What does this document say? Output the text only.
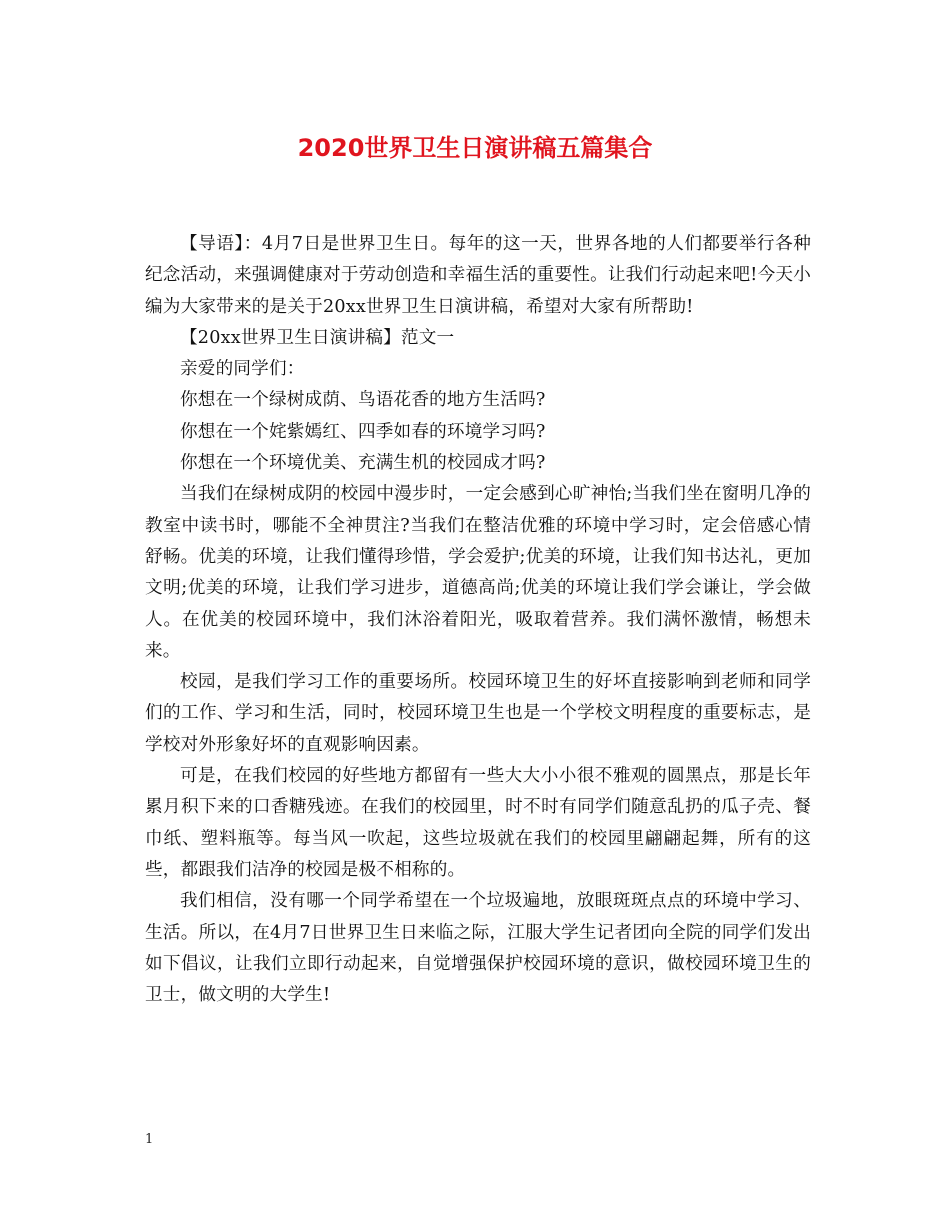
2020世界卫生日演讲稿五篇集合

【导语】：4月7日是世界卫生日。每年的这一天，世界各地的人们都要举行各种纪念活动，来强调健康对于劳动创造和幸福生活的重要性。让我们行动起来吧!今天小编为大家带来的是关于20xx世界卫生日演讲稿，希望对大家有所帮助!

【20xx世界卫生日演讲稿】范文一

亲爱的同学们：

你想在一个绿树成荫、鸟语花香的地方生活吗?

你想在一个姹紫嫣红、四季如春的环境学习吗?

你想在一个环境优美、充满生机的校园成才吗?

当我们在绿树成阴的校园中漫步时，一定会感到心旷神怡;当我们坐在窗明几净的教室中读书时，哪能不全神贯注?当我们在整洁优雅的环境中学习时，定会倍感心情舒畅。优美的环境，让我们懂得珍惜，学会爱护;优美的环境，让我们知书达礼，更加文明;优美的环境，让我们学习进步，道德高尚;优美的环境让我们学会谦让，学会做人。在优美的校园环境中，我们沐浴着阳光，吸取着营养。我们满怀激情，畅想未来。

校园，是我们学习工作的重要场所。校园环境卫生的好坏直接影响到老师和同学们的工作、学习和生活，同时，校园环境卫生也是一个学校文明程度的重要标志，是学校对外形象好坏的直观影响因素。

可是，在我们校园的好些地方都留有一些大大小小很不雅观的圆黑点，那是长年累月积下来的口香糖残迹。在我们的校园里，时不时有同学们随意乱扔的瓜子壳、餐巾纸、塑料瓶等。每当风一吹起，这些垃圾就在我们的校园里翩翩起舞，所有的这些，都跟我们洁净的校园是极不相称的。

我们相信，没有哪一个同学希望在一个垃圾遍地，放眼斑斑点点的环境中学习、生活。所以，在4月7日世界卫生日来临之际，江服大学生记者团向全院的同学们发出如下倡议，让我们立即行动起来，自觉增强保护校园环境的意识，做校园环境卫生的卫士，做文明的大学生!

1
